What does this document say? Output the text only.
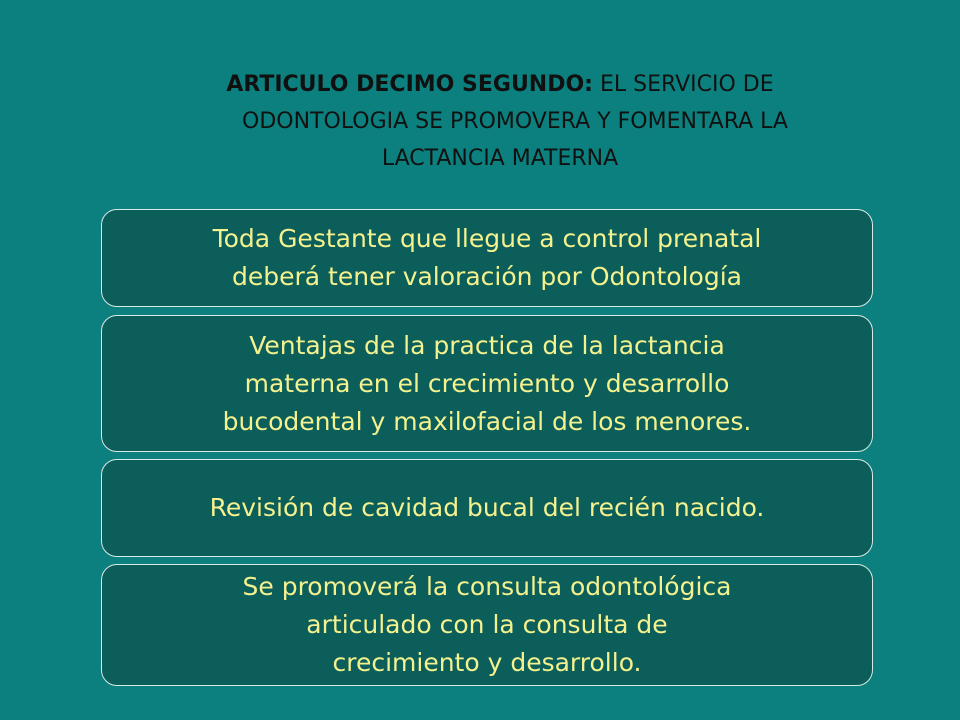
ARTICULO DECIMO SEGUNDO: EL SERVICIO DE
ODONTOLOGIA SE PROMOVERA Y FOMENTARA LA
LACTANCIA MATERNA
Toda Gestante que llegue a control prenatal
deberá tener valoración por Odontología
Ventajas de la practica de la lactancia
materna en el crecimiento y desarrollo
bucodental y maxilofacial de los menores.
Revisión de cavidad bucal del recién nacido.
Se promoverá la consulta odontológica
articulado con la consulta de
crecimiento y desarrollo.
